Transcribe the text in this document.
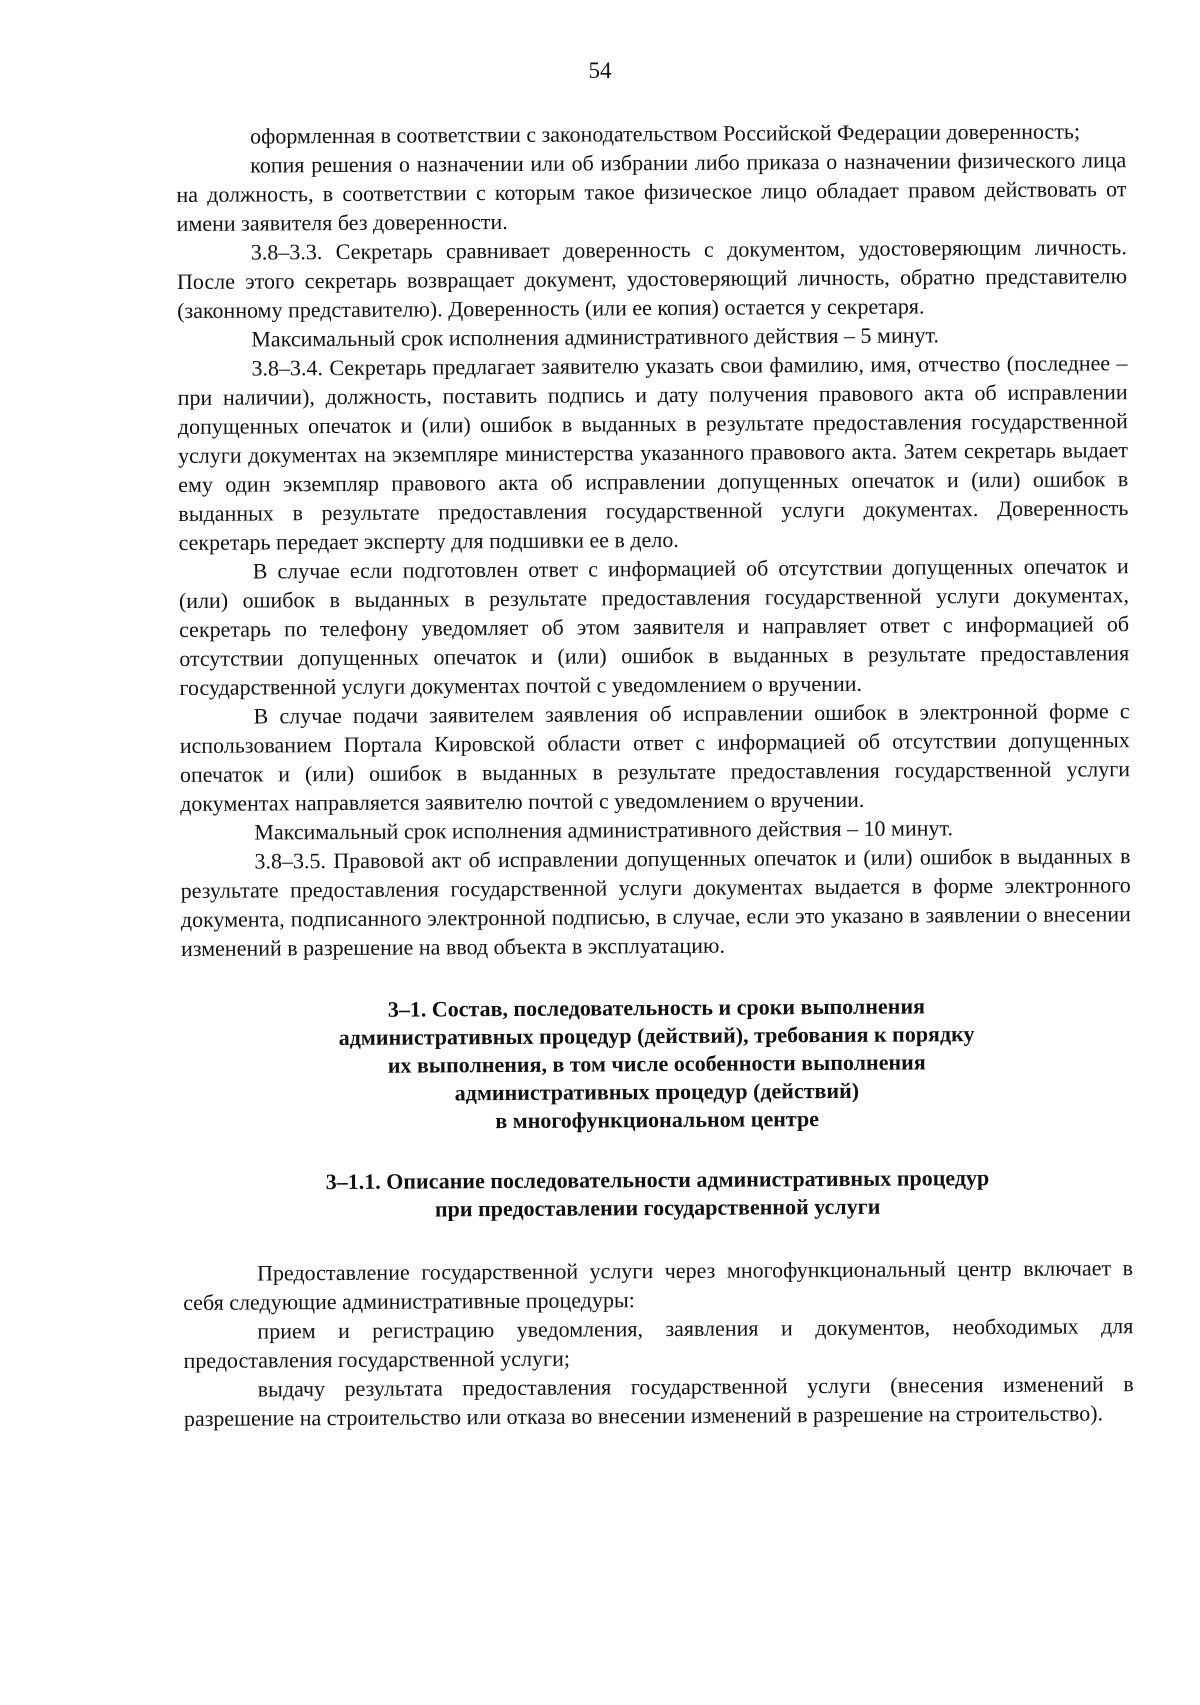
54

оформленная в соответствии с законодательством Российской Федерации доверенность;

копия решения о назначении или об избрании либо приказа о назначении физического лица на должность, в соответствии с которым такое физическое лицо обладает правом действовать от имени заявителя без доверенности.

3.8–3.3. Секретарь сравнивает доверенность с документом, удостоверяющим личность. После этого секретарь возвращает документ, удостоверяющий личность, обратно представителю (законному представителю). Доверенность (или ее копия) остается у секретаря.

Максимальный срок исполнения административного действия – 5 минут.

3.8–3.4. Секретарь предлагает заявителю указать свои фамилию, имя, отчество (последнее – при наличии), должность, поставить подпись и дату получения правового акта об исправлении допущенных опечаток и (или) ошибок в выданных в результате предоставления государственной услуги документах на экземпляре министерства указанного правового акта. Затем секретарь выдает ему один экземпляр правового акта об исправлении допущенных опечаток и (или) ошибок в выданных в результате предоставления государственной услуги документах. Доверенность секретарь передает эксперту для подшивки ее в дело.

В случае если подготовлен ответ с информацией об отсутствии допущенных опечаток и (или) ошибок в выданных в результате предоставления государственной услуги документах, секретарь по телефону уведомляет об этом заявителя и направляет ответ с информацией об отсутствии допущенных опечаток и (или) ошибок в выданных в результате предоставления государственной услуги документах почтой с уведомлением о вручении.

В случае подачи заявителем заявления об исправлении ошибок в электронной форме с использованием Портала Кировской области ответ с информацией об отсутствии допущенных опечаток и (или) ошибок в выданных в результате предоставления государственной услуги документах направляется заявителю почтой с уведомлением о вручении.

Максимальный срок исполнения административного действия – 10 минут.

3.8–3.5. Правовой акт об исправлении допущенных опечаток и (или) ошибок в выданных в результате предоставления государственной услуги документах выдается в форме электронного документа, подписанного электронной подписью, в случае, если это указано в заявлении о внесении изменений в разрешение на ввод объекта в эксплуатацию.

3–1. Состав, последовательность и сроки выполнения
административных процедур (действий), требования к порядку
их выполнения, в том числе особенности выполнения
административных процедур (действий)
в многофункциональном центре
3–1.1. Описание последовательности административных процедур
при предоставлении государственной услуги

Предоставление государственной услуги через многофункциональный центр включает в себя следующие административные процедуры:

прием и регистрацию уведомления, заявления и документов, необходимых для предоставления государственной услуги;

выдачу результата предоставления государственной услуги (внесения изменений в разрешение на строительство или отказа во внесении изменений в разрешение на строительство).
